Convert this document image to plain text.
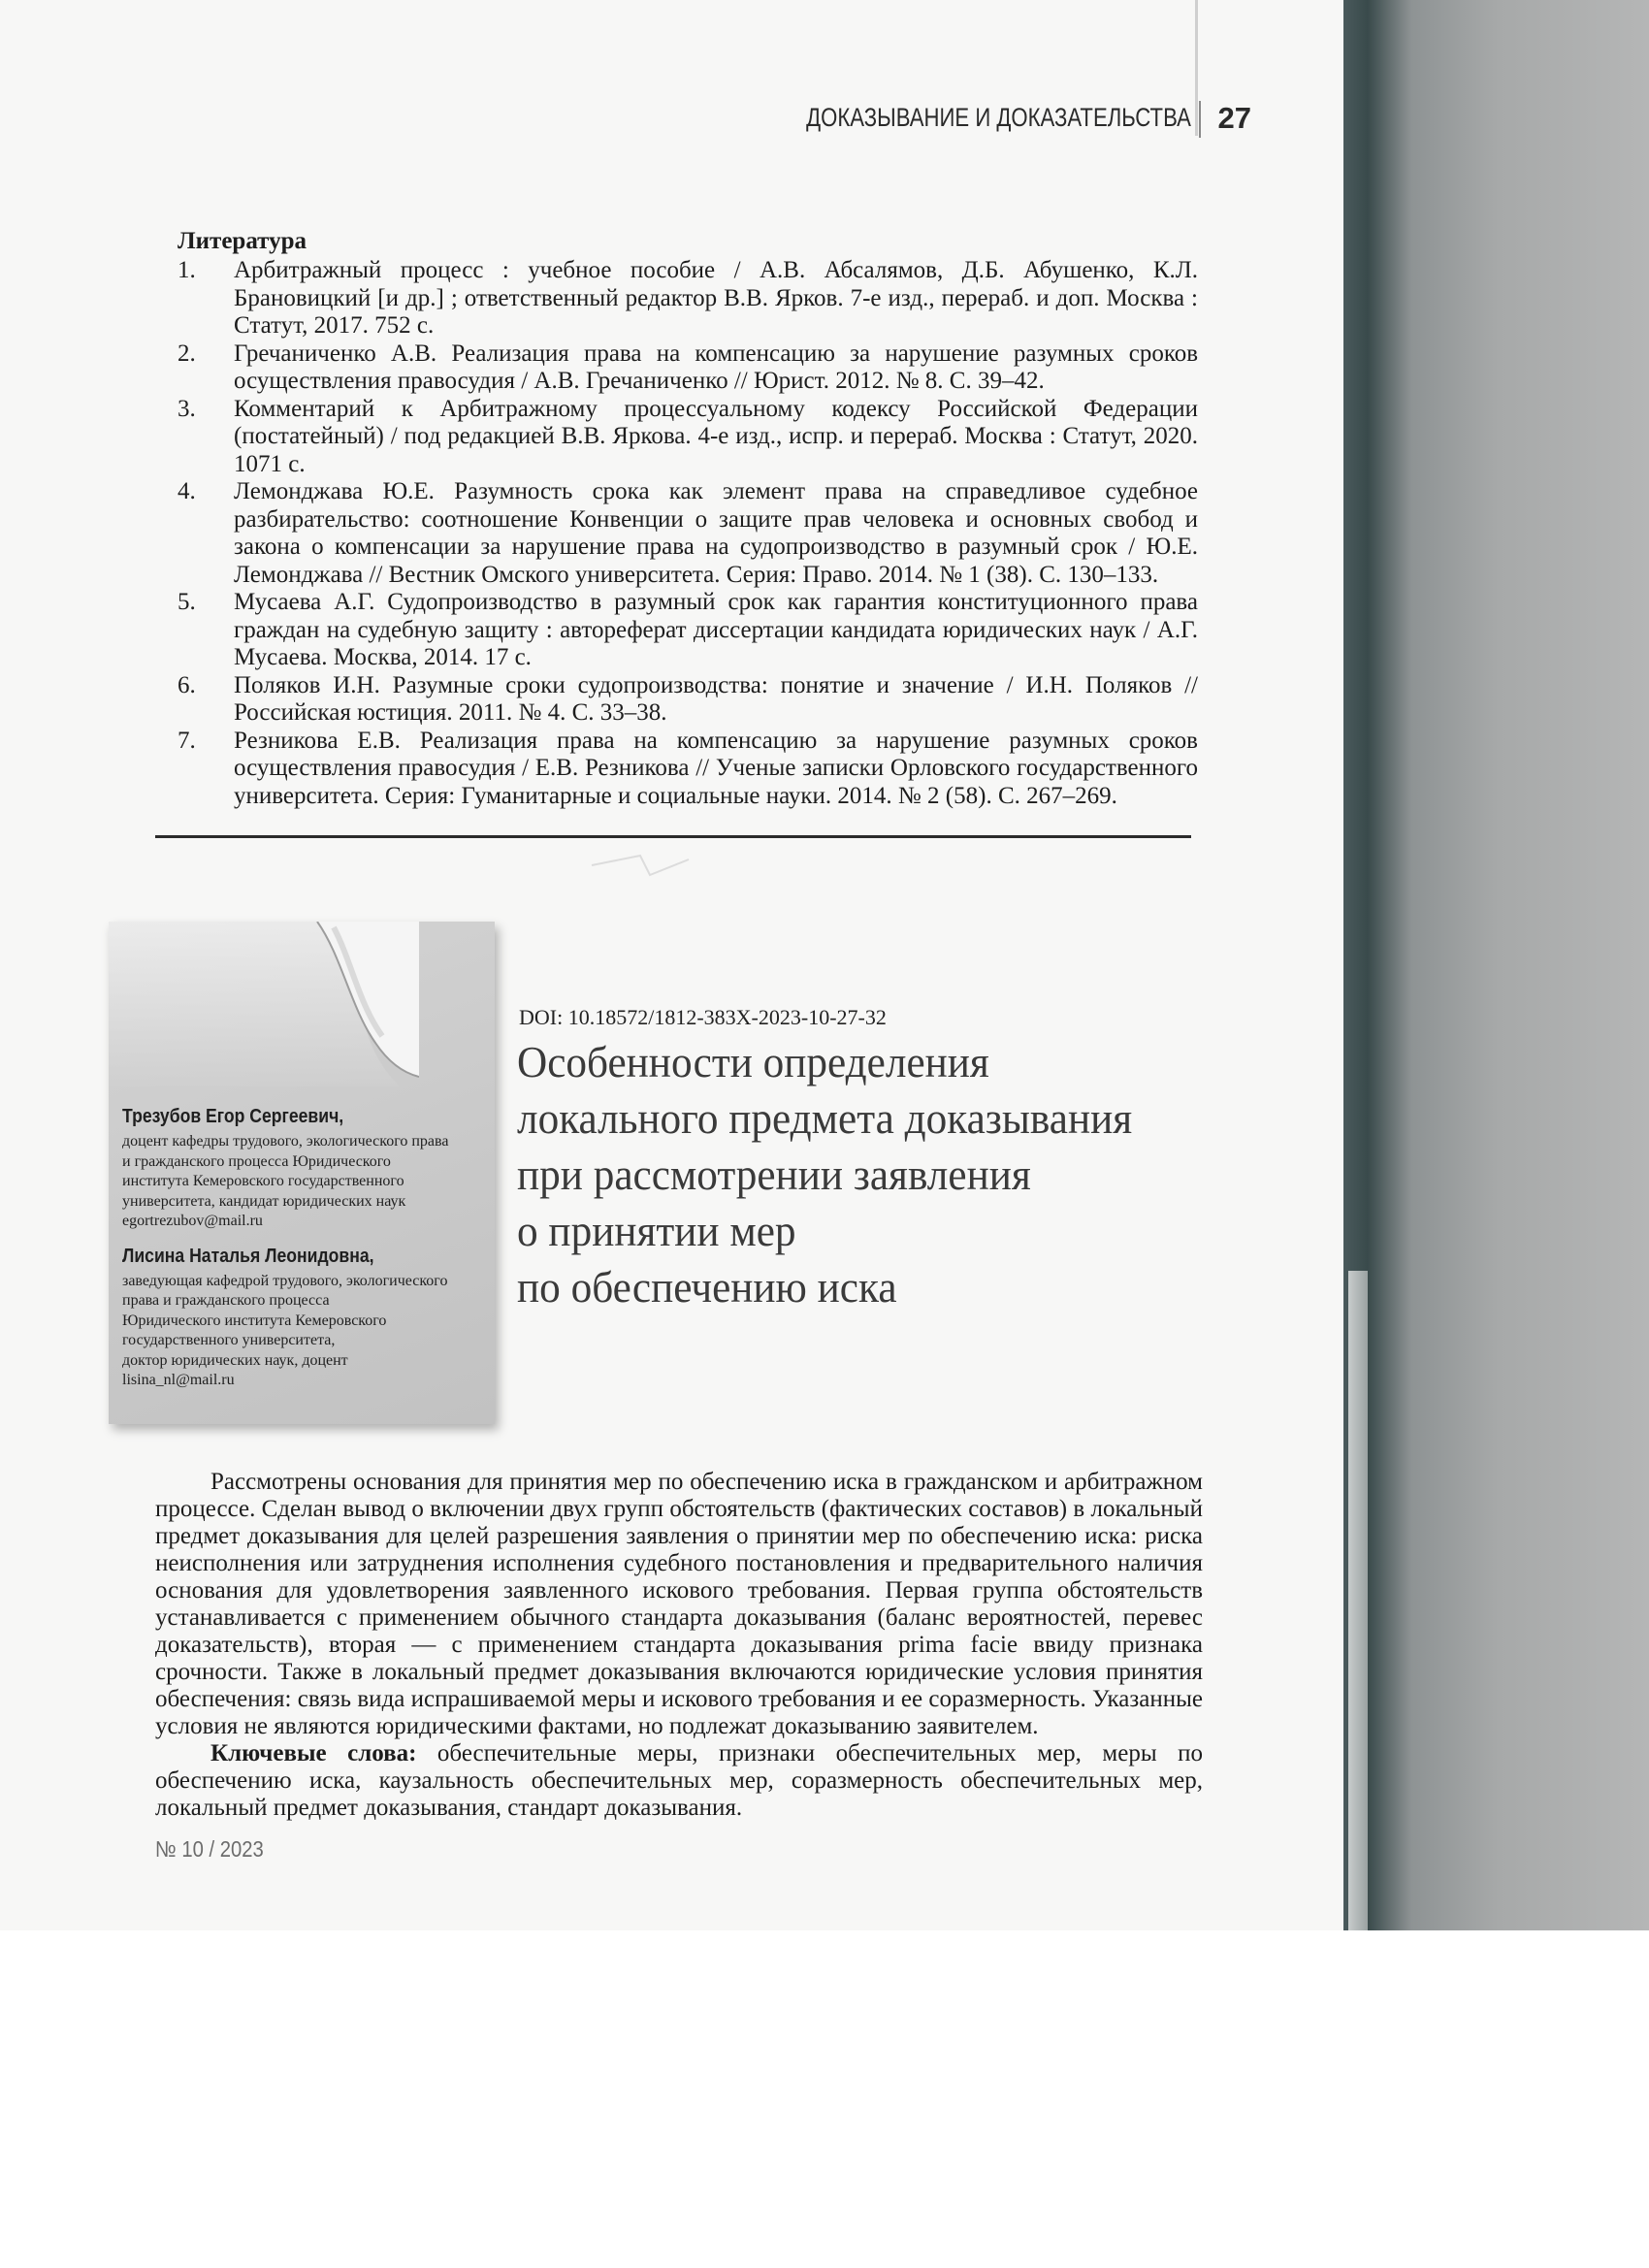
ДОКАЗЫВАНИЕ И ДОКАЗАТЕЛЬСТВА 27
Литература
1. Арбитражный процесс : учебное пособие / А.В. Абсалямов, Д.Б. Абушенко, К.Л. Брановицкий [и др.] ; ответственный редактор В.В. Ярков. 7-е изд., перераб. и доп. Москва : Статут, 2017. 752 с.
2. Гречаниченко А.В. Реализация права на компенсацию за нарушение разумных сроков осуществления правосудия / А.В. Гречаниченко // Юрист. 2012. № 8. С. 39–42.
3. Комментарий к Арбитражному процессуальному кодексу Российской Федерации (постатейный) / под редакцией В.В. Яркова. 4-е изд., испр. и перераб. Москва : Статут, 2020. 1071 с.
4. Лемонджава Ю.Е. Разумность срока как элемент права на справедливое судебное разбирательство: соотношение Конвенции о защите прав человека и основных свобод и закона о компенсации за нарушение права на судопроизводство в разумный срок / Ю.Е. Лемонджава // Вестник Омского университета. Серия: Право. 2014. № 1 (38). С. 130–133.
5. Мусаева А.Г. Судопроизводство в разумный срок как гарантия конституционного права граждан на судебную защиту : автореферат диссертации кандидата юридических наук / А.Г. Мусаева. Москва, 2014. 17 с.
6. Поляков И.Н. Разумные сроки судопроизводства: понятие и значение / И.Н. Поляков // Российская юстиция. 2011. № 4. С. 33–38.
7. Резникова Е.В. Реализация права на компенсацию за нарушение разумных сроков осуществления правосудия / Е.В. Резникова // Ученые записки Орловского государственного университета. Серия: Гуманитарные и социальные науки. 2014. № 2 (58). С. 267–269.
Трезубов Егор Сергеевич,
доцент кафедры трудового, экологического права
и гражданского процесса Юридического
института Кемеровского государственного
университета, кандидат юридических наук
egortrezubov@mail.ru
Лисина Наталья Леонидовна,
заведующая кафедрой трудового, экологического
права и гражданского процесса
Юридического института Кемеровского
государственного университета,
доктор юридических наук, доцент
lisina_nl@mail.ru
DOI: 10.18572/1812-383X-2023-10-27-32
Особенности определения
локального предмета доказывания
при рассмотрении заявления
о принятии мер
по обеспечению иска

Рассмотрены основания для принятия мер по обеспечению иска в гражданском и арбитражном процессе. Сделан вывод о включении двух групп обстоятельств (фактических составов) в локальный предмет доказывания для целей разрешения заявления о принятии мер по обеспечению иска: риска неисполнения или затруднения исполнения судебного постановления и предварительного наличия основания для удовлетворения заявленного искового требования. Первая группа обстоятельств устанавливается с применением обычного стандарта доказывания (баланс вероятностей, перевес доказательств), вторая — с применением стандарта доказывания prima facie ввиду признака срочности. Также в локальный предмет доказывания включаются юридические условия принятия обеспечения: связь вида испрашиваемой меры и искового требования и ее соразмерность. Указанные условия не являются юридическими фактами, но подлежат доказыванию заявителем.

Ключевые слова: обеспечительные меры, признаки обеспечительных мер, меры по обеспечению иска, каузальность обеспечительных мер, соразмерность обеспечительных мер, локальный предмет доказывания, стандарт доказывания.

№ 10 / 2023
